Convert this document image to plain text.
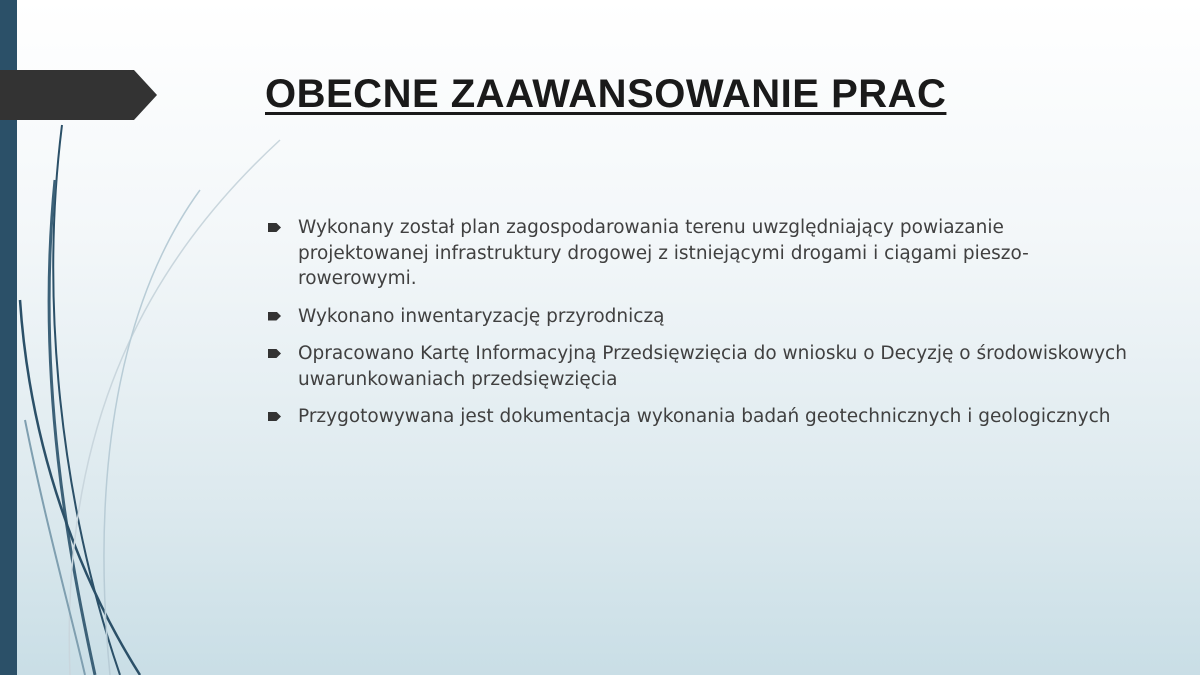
OBECNE ZAAWANSOWANIE PRAC
Wykonany został plan zagospodarowania terenu uwzględniający powiazanie projektowanej infrastruktury drogowej z istniejącymi drogami i ciągami pieszo-rowerowymi.
Wykonano inwentaryzację przyrodniczą
Opracowano Kartę Informacyjną Przedsięwzięcia do wniosku o Decyzję o środowiskowych uwarunkowaniach przedsięwzięcia
Przygotowywana jest dokumentacja wykonania badań geotechnicznych i geologicznych
